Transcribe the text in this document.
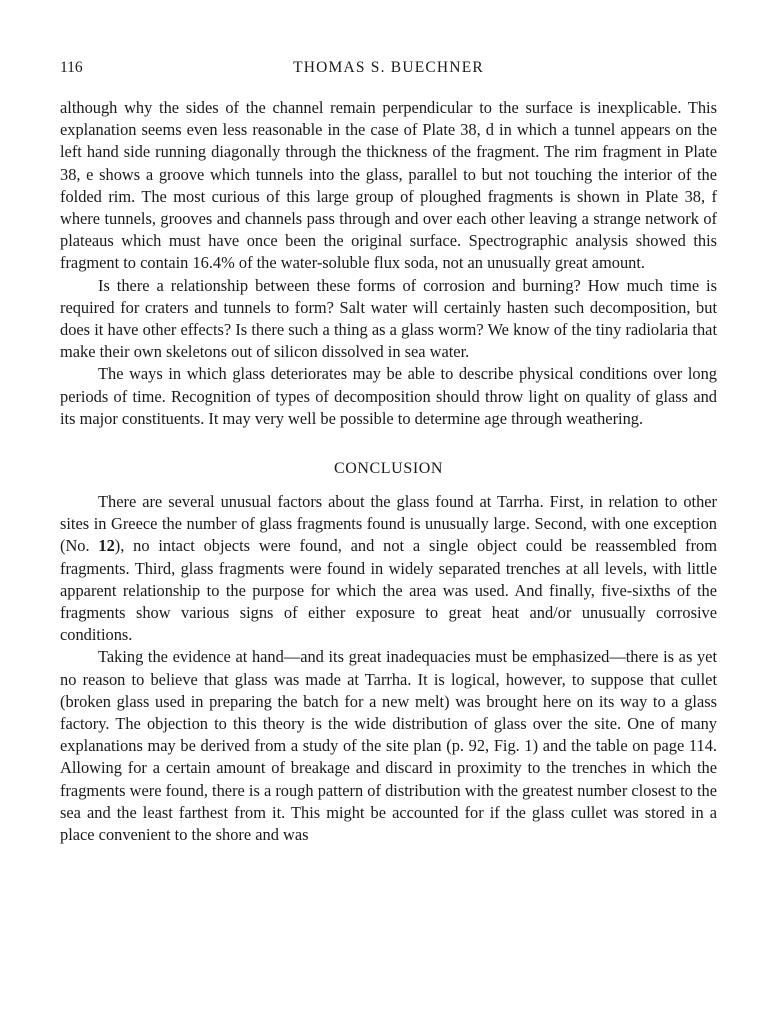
116	THOMAS S. BUECHNER

although why the sides of the channel remain perpendicular to the surface is inexplicable. This explanation seems even less reasonable in the case of Plate 38, d in which a tunnel appears on the left hand side running diagonally through the thickness of the fragment. The rim fragment in Plate 38, e shows a groove which tunnels into the glass, parallel to but not touching the interior of the folded rim. The most curious of this large group of ploughed fragments is shown in Plate 38, f where tunnels, grooves and channels pass through and over each other leaving a strange network of plateaus which must have once been the original surface. Spectrographic analysis showed this fragment to contain 16.4% of the water-soluble flux soda, not an unusually great amount.

Is there a relationship between these forms of corrosion and burning? How much time is required for craters and tunnels to form? Salt water will certainly hasten such decomposition, but does it have other effects? Is there such a thing as a glass worm? We know of the tiny radiolaria that make their own skeletons out of silicon dissolved in sea water.

The ways in which glass deteriorates may be able to describe physical conditions over long periods of time. Recognition of types of decomposition should throw light on quality of glass and its major constituents. It may very well be possible to determine age through weathering.

CONCLUSION

There are several unusual factors about the glass found at Tarrha. First, in relation to other sites in Greece the number of glass fragments found is unusually large. Second, with one exception (No. 12), no intact objects were found, and not a single object could be reassembled from fragments. Third, glass fragments were found in widely separated trenches at all levels, with little apparent relationship to the purpose for which the area was used. And finally, five-sixths of the fragments show various signs of either exposure to great heat and/or unusually corrosive conditions.

Taking the evidence at hand—and its great inadequacies must be emphasized—there is as yet no reason to believe that glass was made at Tarrha. It is logical, however, to suppose that cullet (broken glass used in preparing the batch for a new melt) was brought here on its way to a glass factory. The objection to this theory is the wide distribution of glass over the site. One of many explanations may be derived from a study of the site plan (p. 92, Fig. 1) and the table on page 114. Allowing for a certain amount of breakage and discard in proximity to the trenches in which the fragments were found, there is a rough pattern of distribution with the greatest number closest to the sea and the least farthest from it. This might be accounted for if the glass cullet was stored in a place convenient to the shore and was
